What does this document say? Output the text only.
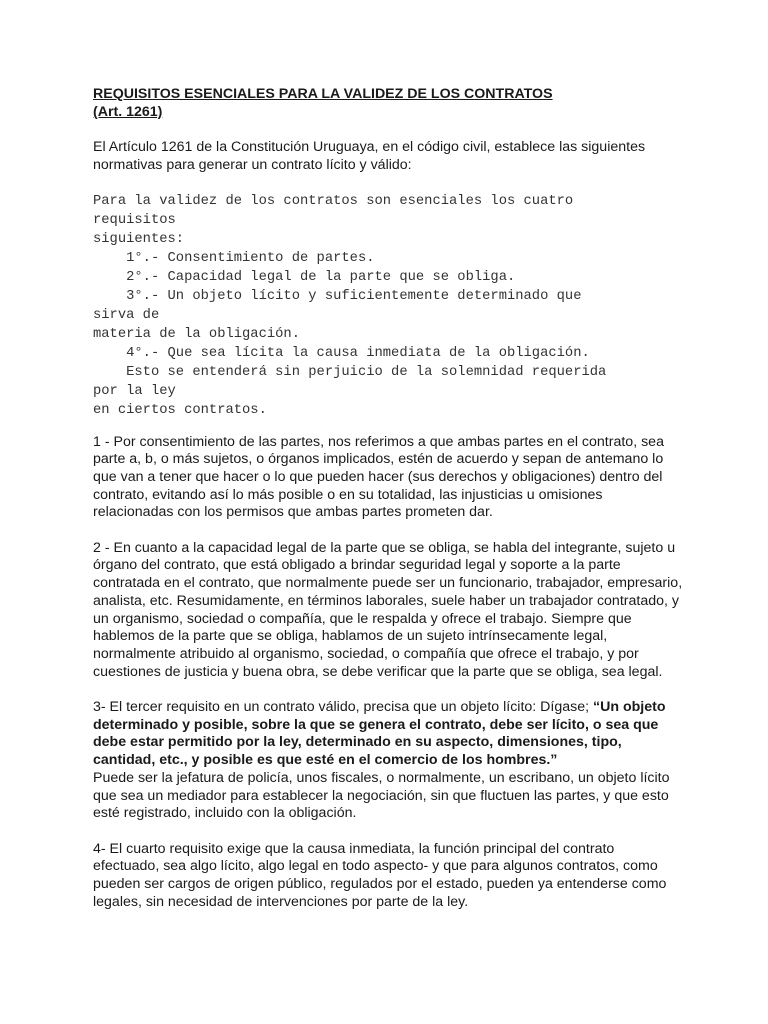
REQUISITOS ESENCIALES PARA LA VALIDEZ DE LOS CONTRATOS
(Art. 1261)

El Artículo 1261 de la Constitución Uruguaya, en el código civil, establece las siguientes normativas para generar un contrato lícito y válido:

Para la validez de los contratos son esenciales los cuatro
requisitos
siguientes:
1°.- Consentimiento de partes.
2°.- Capacidad legal de la parte que se obliga.
3°.- Un objeto lícito y suficientemente determinado que
sirva de
materia de la obligación.
4°.- Que sea lícita la causa inmediata de la obligación.
Esto se entenderá sin perjuicio de la solemnidad requerida
por la ley
en ciertos contratos.

1 - Por consentimiento de las partes, nos referimos a que ambas partes en el contrato, sea parte a, b, o más sujetos, o órganos implicados, estén de acuerdo y sepan de antemano lo que van a tener que hacer o lo que pueden hacer (sus derechos y obligaciones) dentro del contrato, evitando así lo más posible o en su totalidad, las injusticias u omisiones relacionadas con los permisos que ambas partes prometen dar.

2 - En cuanto a la capacidad legal de la parte que se obliga, se habla del integrante, sujeto u órgano del contrato, que está obligado a brindar seguridad legal y soporte a la parte contratada en el contrato, que normalmente puede ser un funcionario, trabajador, empresario, analista, etc. Resumidamente, en términos laborales, suele haber un trabajador contratado, y un organismo, sociedad o compañía, que le respalda y ofrece el trabajo. Siempre que hablemos de la parte que se obliga, hablamos de un sujeto intrínsecamente legal, normalmente atribuido al organismo, sociedad, o compañía que ofrece el trabajo, y por cuestiones de justicia y buena obra, se debe verificar que la parte que se obliga, sea legal.

3- El tercer requisito en un contrato válido, precisa que un objeto lícito: Dígase; “Un objeto determinado y posible, sobre la que se genera el contrato, debe ser lícito, o sea que debe estar permitido por la ley, determinado en su aspecto, dimensiones, tipo, cantidad, etc., y posible es que esté en el comercio de los hombres.”
Puede ser la jefatura de policía, unos fiscales, o normalmente, un escribano, un objeto lícito que sea un mediador para establecer la negociación, sin que fluctuen las partes, y que esto esté registrado, incluido con la obligación.

4- El cuarto requisito exige que la causa inmediata, la función principal del contrato efectuado, sea algo lícito, algo legal en todo aspecto- y que para algunos contratos, como pueden ser cargos de origen público, regulados por el estado, pueden ya entenderse como legales, sin necesidad de intervenciones por parte de la ley.
